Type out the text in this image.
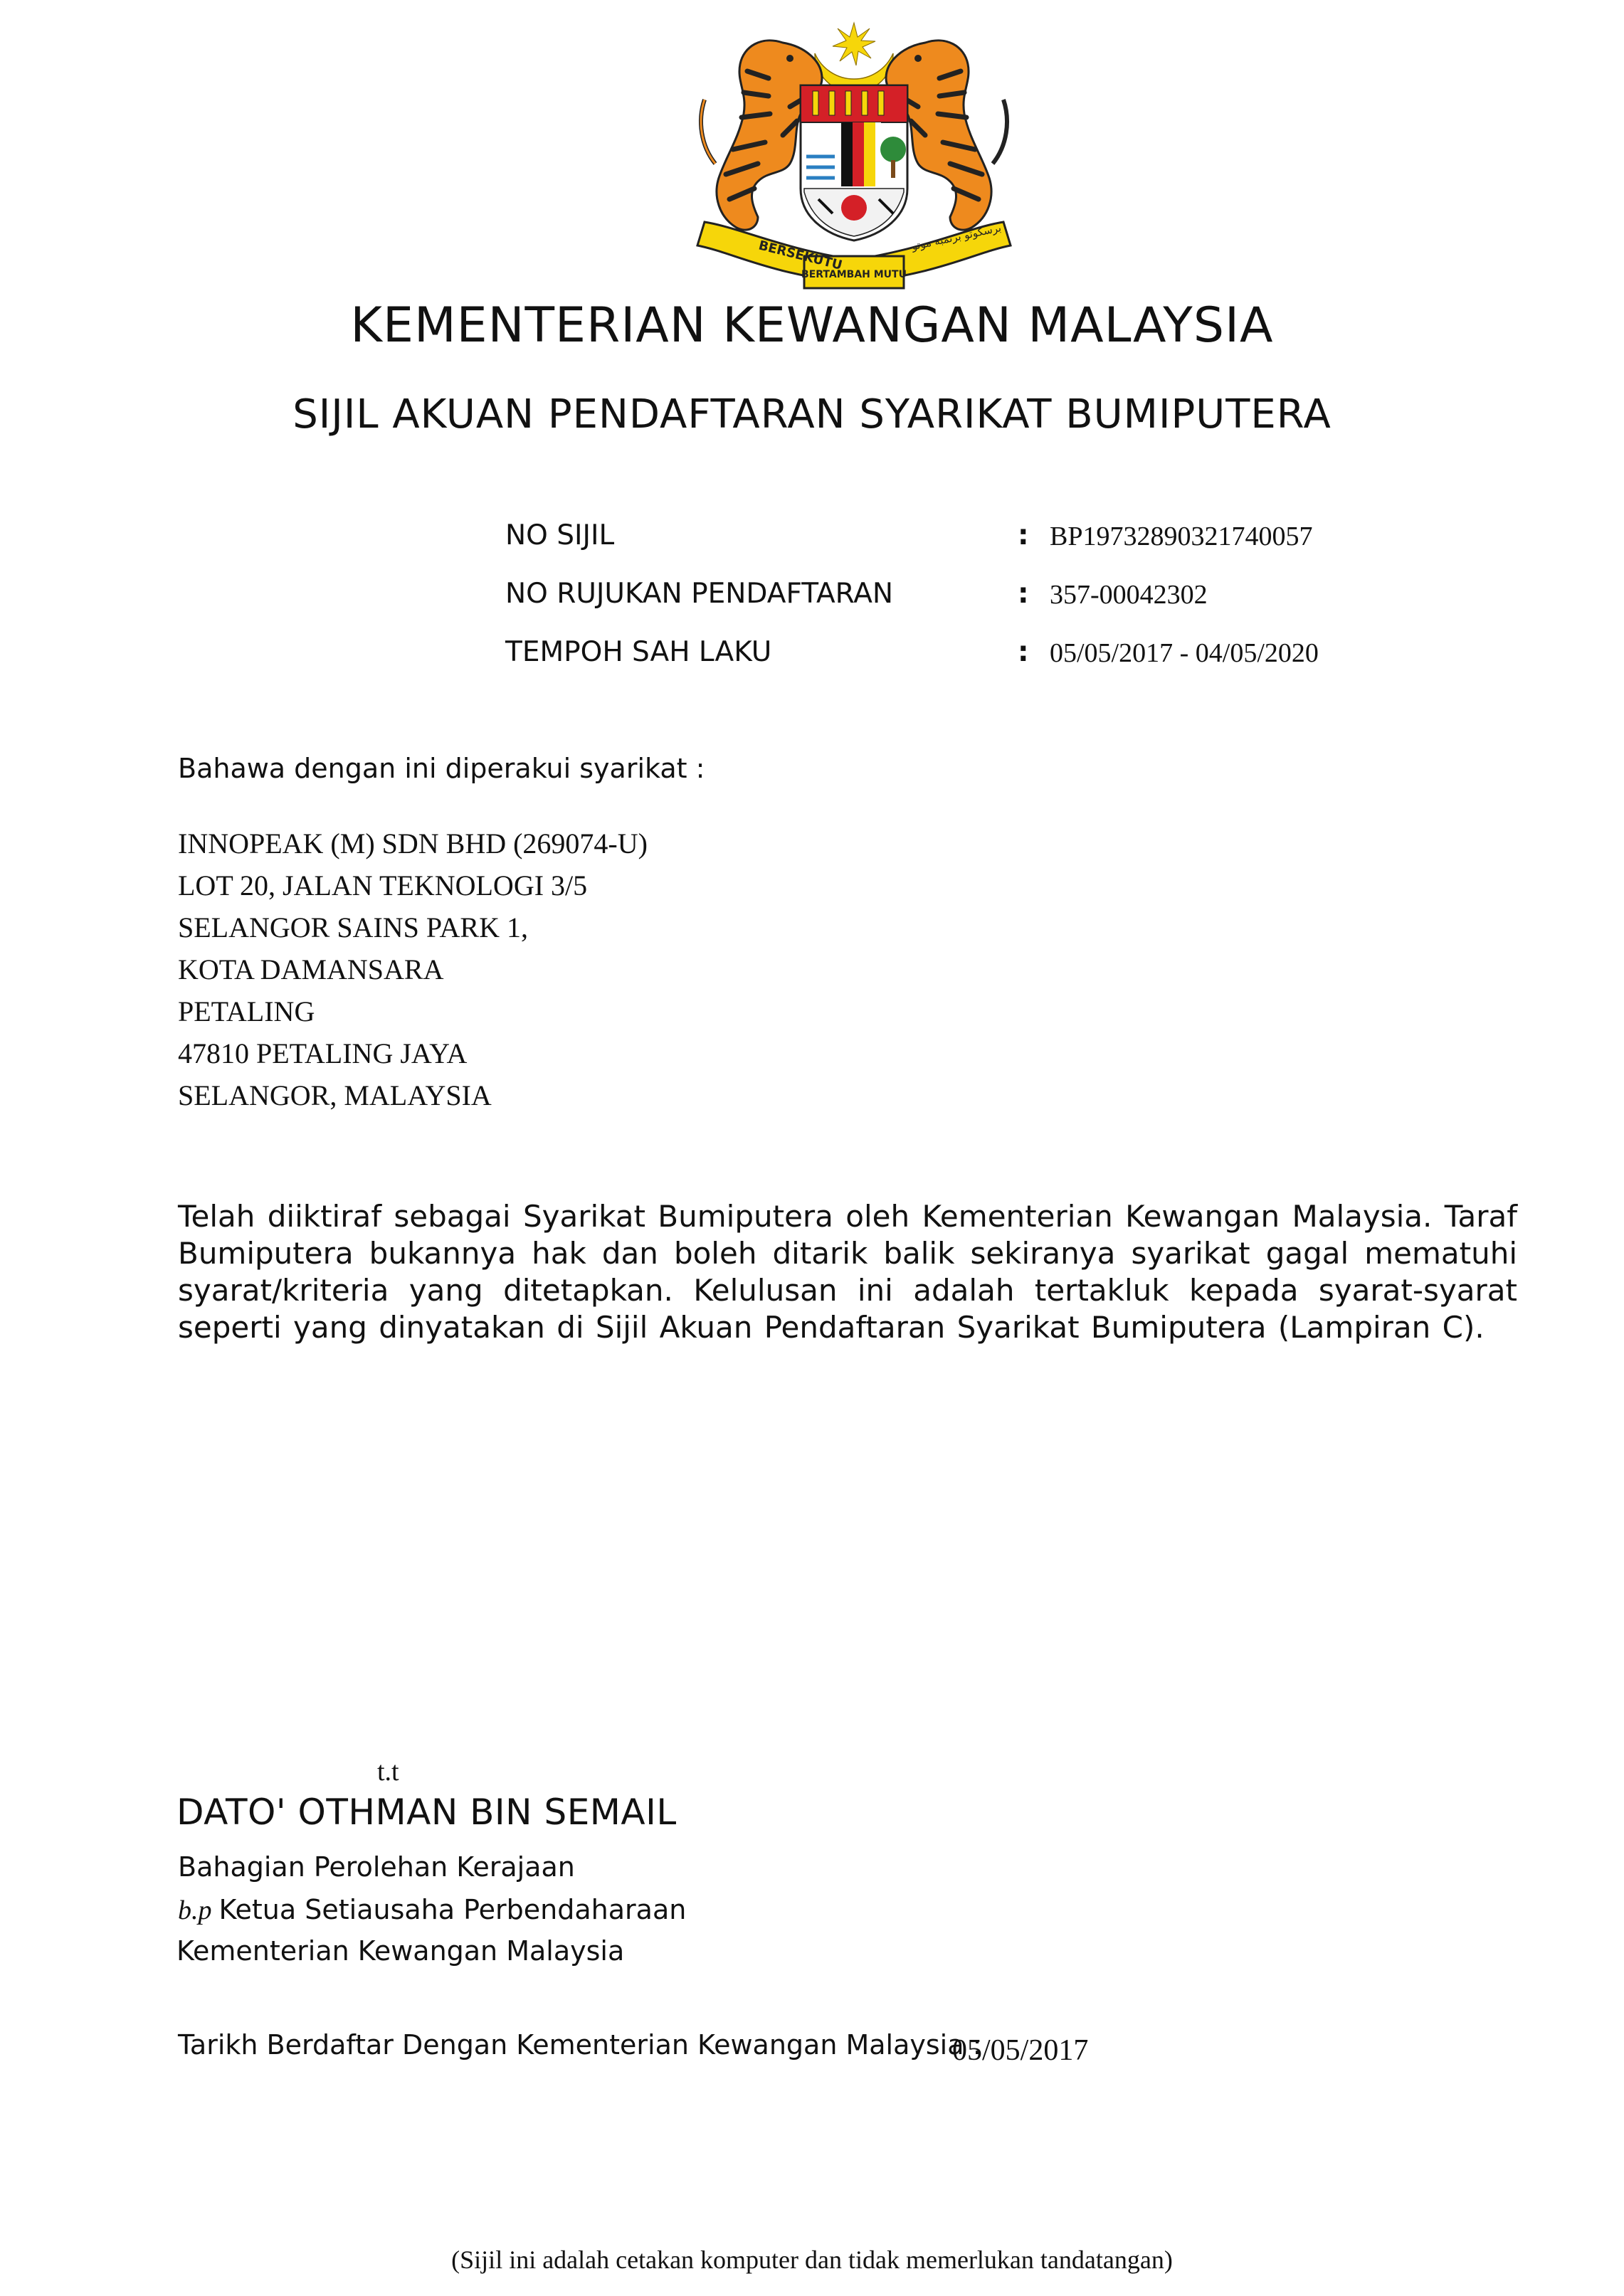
BERSEKUTU
BERTAMBAH MUTU
برسکوتو برتمبه موتو
KEMENTERIAN KEWANGAN MALAYSIA
SIJIL AKUAN PENDAFTARAN SYARIKAT BUMIPUTERA
NO SIJIL	: BP19732890321740057
NO RUJUKAN PENDAFTARAN	: 357-00042302
TEMPOH SAH LAKU	: 05/05/2017 - 04/05/2020
Bahawa dengan ini diperakui syarikat :
INNOPEAK (M) SDN BHD (269074-U)
LOT 20, JALAN TEKNOLOGI 3/5
SELANGOR SAINS PARK 1,
KOTA DAMANSARA
PETALING
47810 PETALING JAYA
SELANGOR, MALAYSIA
Telah diiktiraf sebagai Syarikat Bumiputera oleh Kementerian Kewangan Malaysia. Taraf Bumiputera bukannya hak dan boleh ditarik balik sekiranya syarikat gagal mematuhi syarat/kriteria yang ditetapkan. Kelulusan ini adalah tertakluk kepada syarat-syarat seperti yang dinyatakan di Sijil Akuan Pendaftaran Syarikat Bumiputera (Lampiran C).
t.t
DATO' OTHMAN BIN SEMAIL
Bahagian Perolehan Kerajaan
b.p Ketua Setiausaha Perbendaharaan
Kementerian Kewangan Malaysia
Tarikh Berdaftar Dengan Kementerian Kewangan Malaysia :
05/05/2017
(Sijil ini adalah cetakan komputer dan tidak memerlukan tandatangan)
